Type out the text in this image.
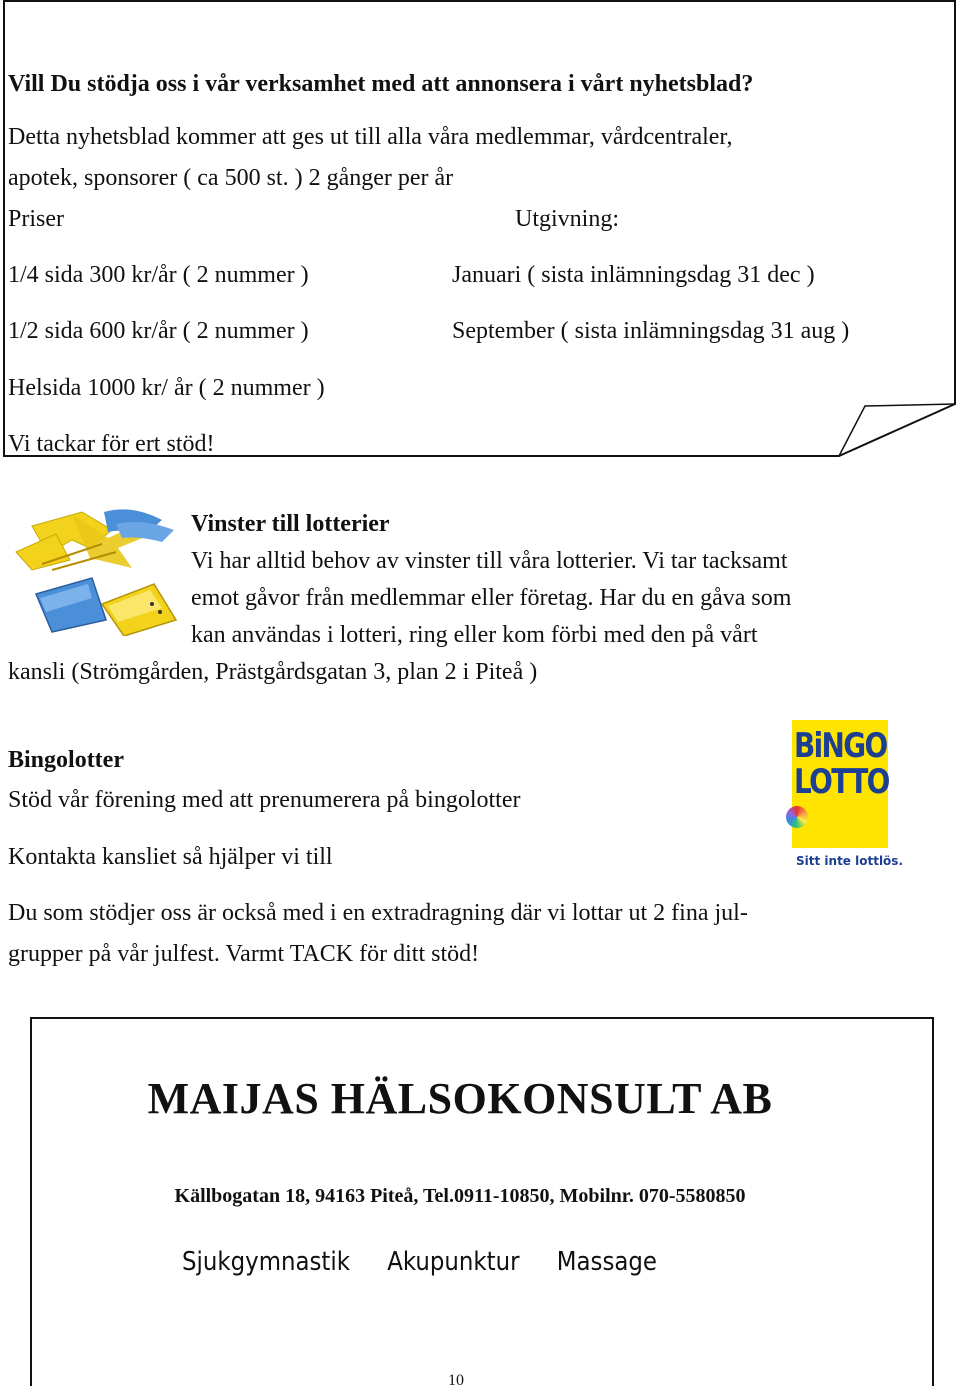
Vill Du stödja oss i vår verksamhet med att annonsera i vårt nyhetsblad?
Detta nyhetsblad kommer att ges ut till alla våra medlemmar, vårdcentraler,
apotek, sponsorer ( ca 500 st. ) 2 gånger per år
Priser	Utgivning:
1/4 sida 300 kr/år ( 2 nummer )	Januari ( sista inlämningsdag 31 dec )
1/2 sida 600 kr/år ( 2 nummer )	September ( sista inlämningsdag 31 aug )
Helsida 1000 kr/ år ( 2 nummer )
Vi tackar för ert stöd!
Vinster till lotterier
Vi har alltid behov av vinster till våra lotterier. Vi tar tacksamt
emot gåvor från medlemmar eller företag. Har du en gåva som
kan användas i lotteri, ring eller kom förbi med den på vårt
kansli (Strömgården, Prästgårdsgatan 3, plan 2 i Piteå )
Bingolotter
Stöd vår förening med att prenumerera på bingolotter
Kontakta kansliet så hjälper vi till
Du som stödjer oss är också med i en extradragning där vi lottar ut 2 fina jul-
grupper på vår julfest. Varmt TACK för ditt stöd!
BiNGO
LOTTO
Sitt inte lottlös.
MAIJAS HÄLSOKONSULT AB
Källbogatan 18, 94163 Piteå, Tel.0911-10850, Mobilnr. 070-5580850
Sjukgymnastik Akupunktur Massage
10
